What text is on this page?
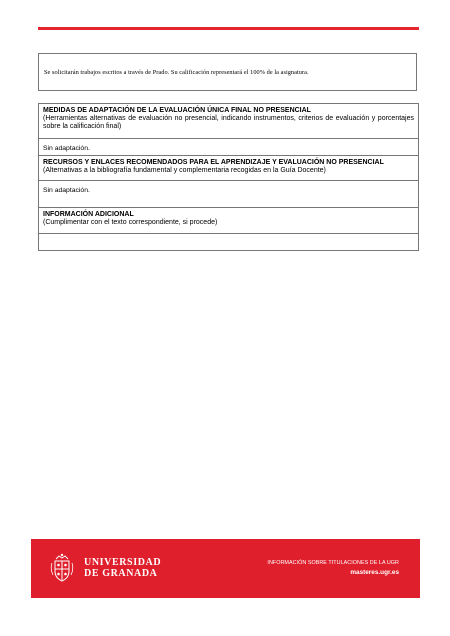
Se solicitarán trabajos escritos a través de Prado. Su calificación representará el 100% de la asignatura.
MEDIDAS DE ADAPTACIÓN DE LA EVALUACIÓN ÚNICA FINAL NO PRESENCIAL
(Herramientas alternativas de evaluación no presencial, indicando instrumentos, criterios de evaluación y porcentajes sobre la calificación final)
Sin adaptación.
RECURSOS Y ENLACES RECOMENDADOS PARA EL APRENDIZAJE Y EVALUACIÓN NO PRESENCIAL
(Alternativas a la bibliografía fundamental y complementaria recogidas en la Guía Docente)
Sin adaptación.
INFORMACIÓN ADICIONAL
(Cumplimentar con el texto correspondiente, si procede)
UNIVERSIDAD
DE GRANADA
INFORMACIÓN SOBRE TITULACIONES DE LA UGR
masteres.ugr.es
